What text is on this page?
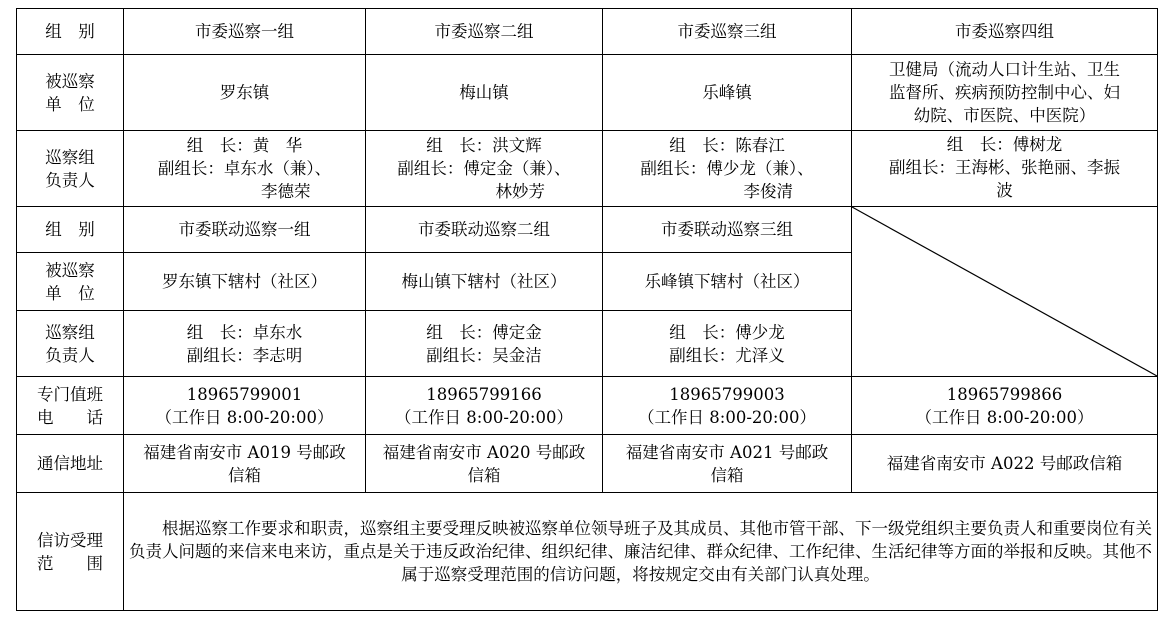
组　别	市委巡察一组	市委巡察二组	市委巡察三组	市委巡察四组

被巡察
单　位	罗东镇	梅山镇	乐峰镇	卫健局（流动人口计生站、卫生
监督所、疾病预防控制中心、妇
幼院、市医院、中医院）

巡察组
负责人	组　长：黄　华
副组长：卓东水（兼）、
李德荣	组　长：洪文辉
副组长：傅定金（兼）、
林妙芳	组　长：陈春江
副组长：傅少龙（兼）、
李俊清	组　长：傅树龙
副组长：王海彬、张艳丽、李振
波

组　别	市委联动巡察一组	市委联动巡察二组	市委联动巡察三组	

被巡察
单　位	罗东镇下辖村（社区）	梅山镇下辖村（社区）	乐峰镇下辖村（社区）	

巡察组
负责人	组　长：卓东水
副组长：李志明	组　长：傅定金
副组长：吴金洁	组　长：傅少龙
副组长：尤泽义	

专门值班
电　　话	18965799001
（工作日 8:00-20:00）	18965799166
（工作日 8:00-20:00）	18965799003
（工作日 8:00-20:00）	18965799866
（工作日 8:00-20:00）

通信地址	福建省南安市 A019 号邮政
信箱	福建省南安市 A020 号邮政
信箱	福建省南安市 A021 号邮政
信箱	福建省南安市 A022 号邮政信箱

信访受理
范　　围	根据巡察工作要求和职责，巡察组主要受理反映被巡察单位领导班子及其成员、其他市管干部、下一级党组织主要负责人和重要岗位有关负责人问题的来信来电来访，重点是关于违反政治纪律、组织纪律、廉洁纪律、群众纪律、工作纪律、生活纪律等方面的举报和反映。其他不属于巡察受理范围的信访问题，将按规定交由有关部门认真处理。			
